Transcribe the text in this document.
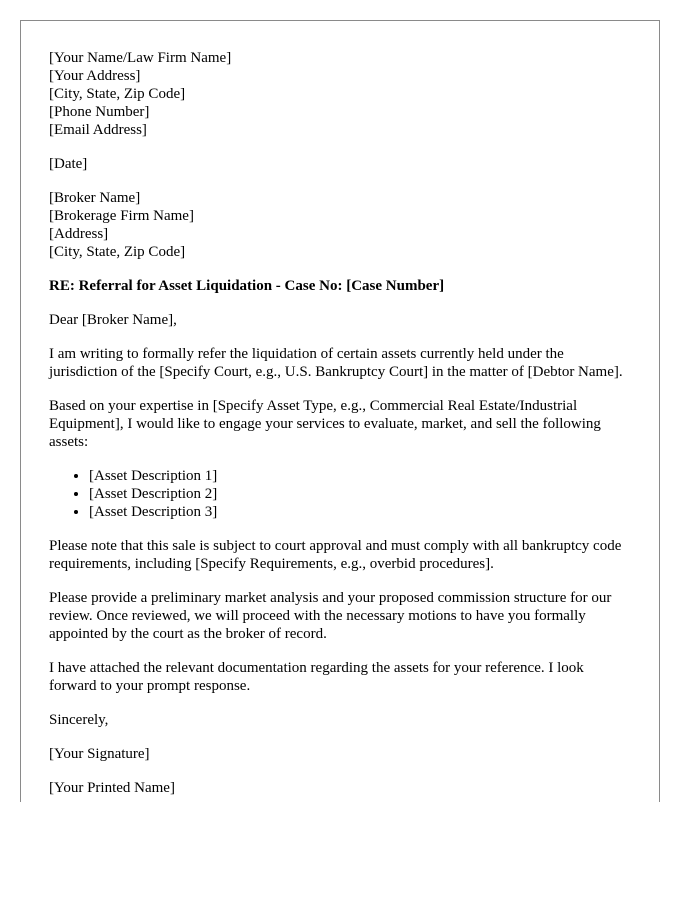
[Your Name/Law Firm Name]
[Your Address]
[City, State, Zip Code]
[Phone Number]
[Email Address]
[Date]
[Broker Name]
[Brokerage Firm Name]
[Address]
[City, State, Zip Code]
RE: Referral for Asset Liquidation - Case No: [Case Number]

Dear [Broker Name],

I am writing to formally refer the liquidation of certain assets currently held under the jurisdiction of the [Specify Court, e.g., U.S. Bankruptcy Court] in the matter of [Debtor Name].

Based on your expertise in [Specify Asset Type, e.g., Commercial Real Estate/Industrial Equipment], I would like to engage your services to evaluate, market, and sell the following assets:

• [Asset Description 1]
• [Asset Description 2]
• [Asset Description 3]

Please note that this sale is subject to court approval and must comply with all bankruptcy code requirements, including [Specify Requirements, e.g., overbid procedures].

Please provide a preliminary market analysis and your proposed commission structure for our review. Once reviewed, we will proceed with the necessary motions to have you formally appointed by the court as the broker of record.

I have attached the relevant documentation regarding the assets for your reference. I look forward to your prompt response.

Sincerely,

[Your Signature]

[Your Printed Name]
